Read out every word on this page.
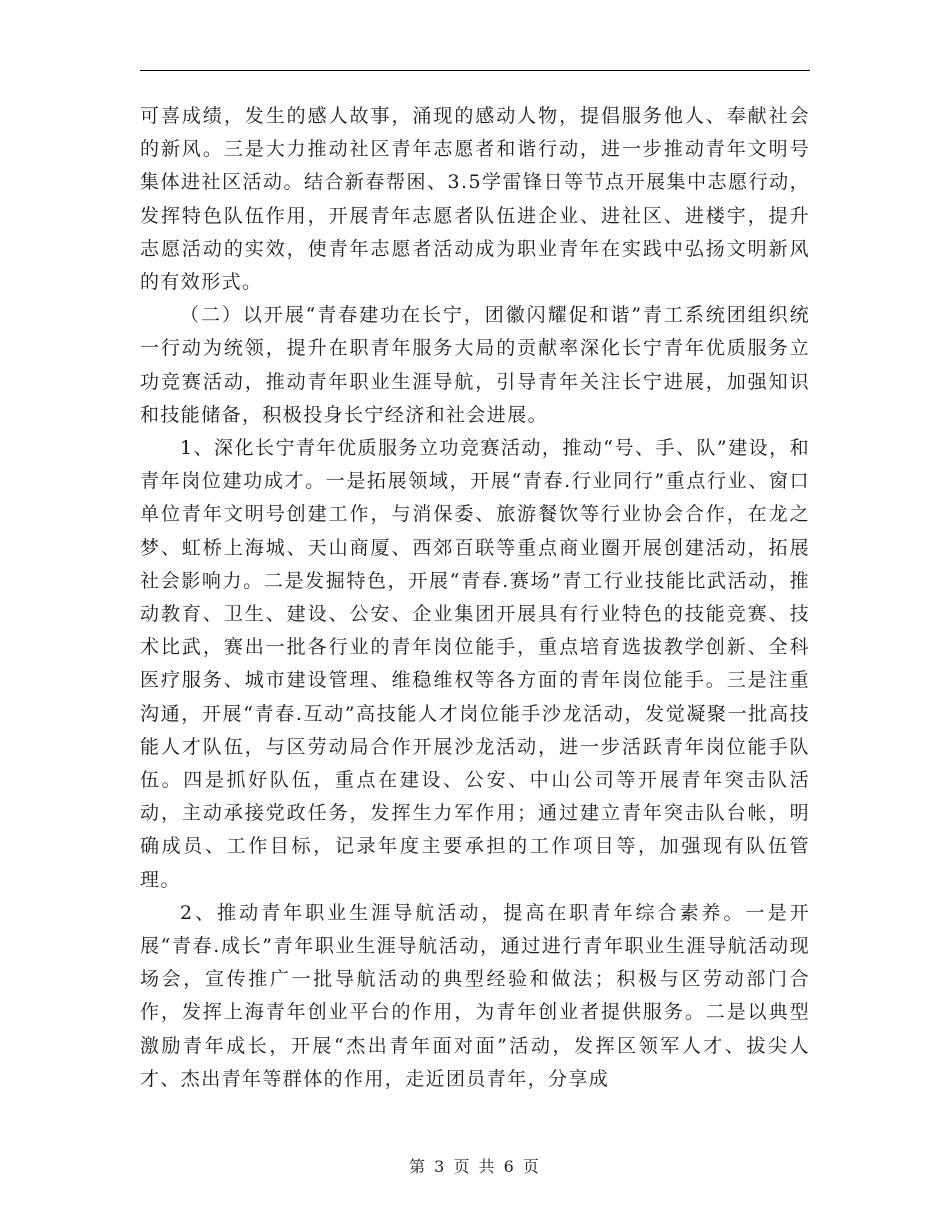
可喜成绩，发生的感人故事，涌现的感动人物，提倡服务他人、奉献社会的新风。三是大力推动社区青年志愿者和谐行动，进一步推动青年文明号集体进社区活动。结合新春帮困、3.5学雷锋日等节点开展集中志愿行动，发挥特色队伍作用，开展青年志愿者队伍进企业、进社区、进楼宇，提升志愿活动的实效，使青年志愿者活动成为职业青年在实践中弘扬文明新风的有效形式。

（二）以开展“青春建功在长宁，团徽闪耀促和谐”青工系统团组织统一行动为统领，提升在职青年服务大局的贡献率深化长宁青年优质服务立功竞赛活动，推动青年职业生涯导航，引导青年关注长宁进展，加强知识和技能储备，积极投身长宁经济和社会进展。

1、深化长宁青年优质服务立功竞赛活动，推动“号、手、队”建设，和青年岗位建功成才。一是拓展领域，开展“青春.行业同行”重点行业、窗口单位青年文明号创建工作，与消保委、旅游餐饮等行业协会合作，在龙之梦、虹桥上海城、天山商厦、西郊百联等重点商业圈开展创建活动，拓展社会影响力。二是发掘特色，开展“青春.赛场”青工行业技能比武活动，推动教育、卫生、建设、公安、企业集团开展具有行业特色的技能竞赛、技术比武，赛出一批各行业的青年岗位能手，重点培育选拔教学创新、全科医疗服务、城市建设管理、维稳维权等各方面的青年岗位能手。三是注重沟通，开展“青春.互动”高技能人才岗位能手沙龙活动，发觉凝聚一批高技能人才队伍，与区劳动局合作开展沙龙活动，进一步活跃青年岗位能手队伍。四是抓好队伍，重点在建设、公安、中山公司等开展青年突击队活动，主动承接党政任务，发挥生力军作用；通过建立青年突击队台帐，明确成员、工作目标，记录年度主要承担的工作项目等，加强现有队伍管理。

2、推动青年职业生涯导航活动，提高在职青年综合素养。一是开展“青春.成长”青年职业生涯导航活动，通过进行青年职业生涯导航活动现场会，宣传推广一批导航活动的典型经验和做法；积极与区劳动部门合作，发挥上海青年创业平台的作用，为青年创业者提供服务。二是以典型激励青年成长，开展“杰出青年面对面”活动，发挥区领军人才、拔尖人才、杰出青年等群体的作用，走近团员青年，分享成

第 3 页 共 6 页
